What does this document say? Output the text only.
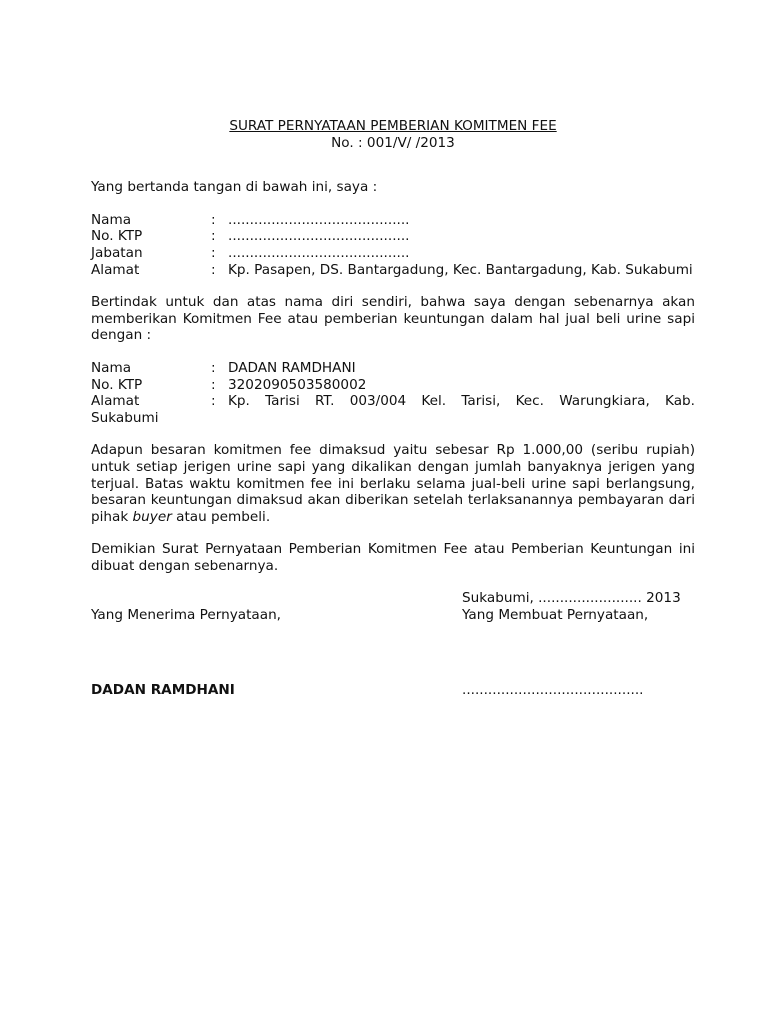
SURAT PERNYATAAN PEMBERIAN KOMITMEN FEE
No. : 001/V/ /2013
Yang bertanda tangan di bawah ini, saya :
Nama	: ..........................................
No. KTP	: ..........................................
Jabatan	: ..........................................
Alamat	: Kp. Pasapen, DS. Bantargadung, Kec. Bantargadung, Kab. Sukabumi
Bertindak untuk dan atas nama diri sendiri, bahwa saya dengan sebenarnya akan memberikan Komitmen Fee atau pemberian keuntungan dalam hal jual beli urine sapi dengan :
Nama	: DADAN RAMDHANI
No. KTP	: 3202090503580002
Alamat	: Kp. Tarisi RT. 003/004 Kel. Tarisi, Kec. Warungkiara, Kab.
Sukabumi
Adapun besaran komitmen fee dimaksud yaitu sebesar Rp 1.000,00 (seribu rupiah) untuk setiap jerigen urine sapi yang dikalikan dengan jumlah banyaknya jerigen yang terjual. Batas waktu komitmen fee ini berlaku selama jual-beli urine sapi berlangsung, besaran keuntungan dimaksud akan diberikan setelah terlaksanannya pembayaran dari pihak buyer atau pembeli.
Demikian Surat Pernyataan Pemberian Komitmen Fee atau Pemberian Keuntungan ini dibuat dengan sebenarnya.
Sukabumi, ........................ 2013
Yang Menerima Pernyataan,	Yang Membuat Pernyataan,
DADAN RAMDHANI	..........................................
